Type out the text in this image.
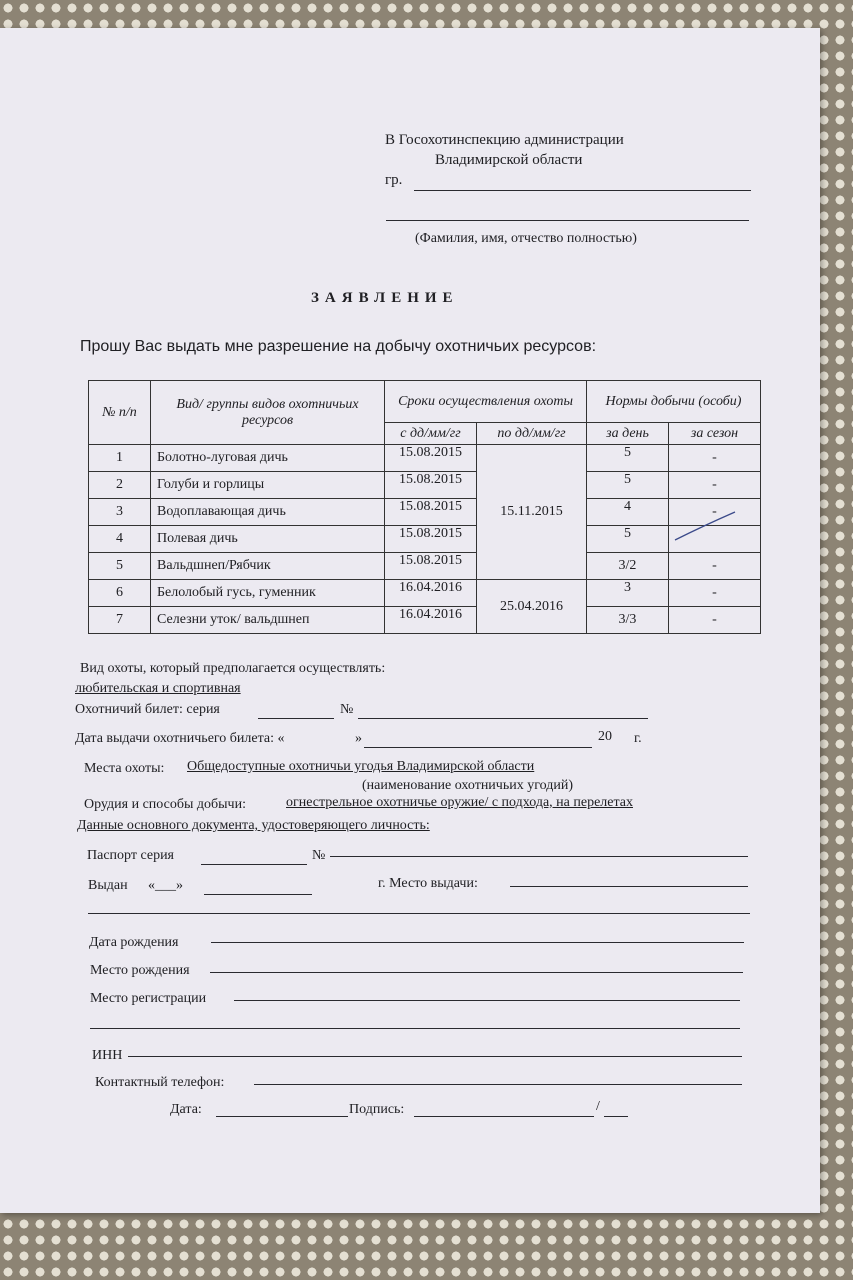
В Госохотинспекцию администрации
Владимирской области
гр.
(Фамилия, имя, отчество полностью)
ЗАЯВЛЕНИЕ
Прошу Вас выдать мне разрешение на добычу охотничьих ресурсов:
№ п/п	Вид/ группы видов охотничьих ресурсов	Сроки осуществления охоты		Нормы добычи (особи)	
		с дд/мм/гг	по дд/мм/гг	за день	за сезон
1	Болотно-луговая дичь	15.08.2015	15.11.2015	5	-
2	Голуби и горлицы	15.08.2015		5	-
3	Водоплавающая дичь	15.08.2015		4	-
4	Полевая дичь	15.08.2015		5	

5	Вальдшнеп/Рябчик	15.08.2015		3/2	-
6	Белолобый гусь, гуменник	16.04.2016	25.04.2016	3	-
7	Селезни уток/ вальдшнеп	16.04.2016		3/3	-
Вид охоты, который предполагается осуществлять:
любительская и спортивная
Охотничий билет: серия	№
Дата выдачи охотничьего билета: «	»	20 г.
Места охоты: Общедоступные охотничьи угодья Владимирской области
(наименование охотничьих угодий)
Орудия и способы добычи:	огнестрельное охотничье оружие/ с подхода, на перелетах
Данные основного документа, удостоверяющего личность:
Паспорт серия	№
Выдан «___»	г. Место выдачи:
Дата рождения
Место рождения
Место регистрации
ИНН
Контактный телефон:
Дата:	Подпись:	/
